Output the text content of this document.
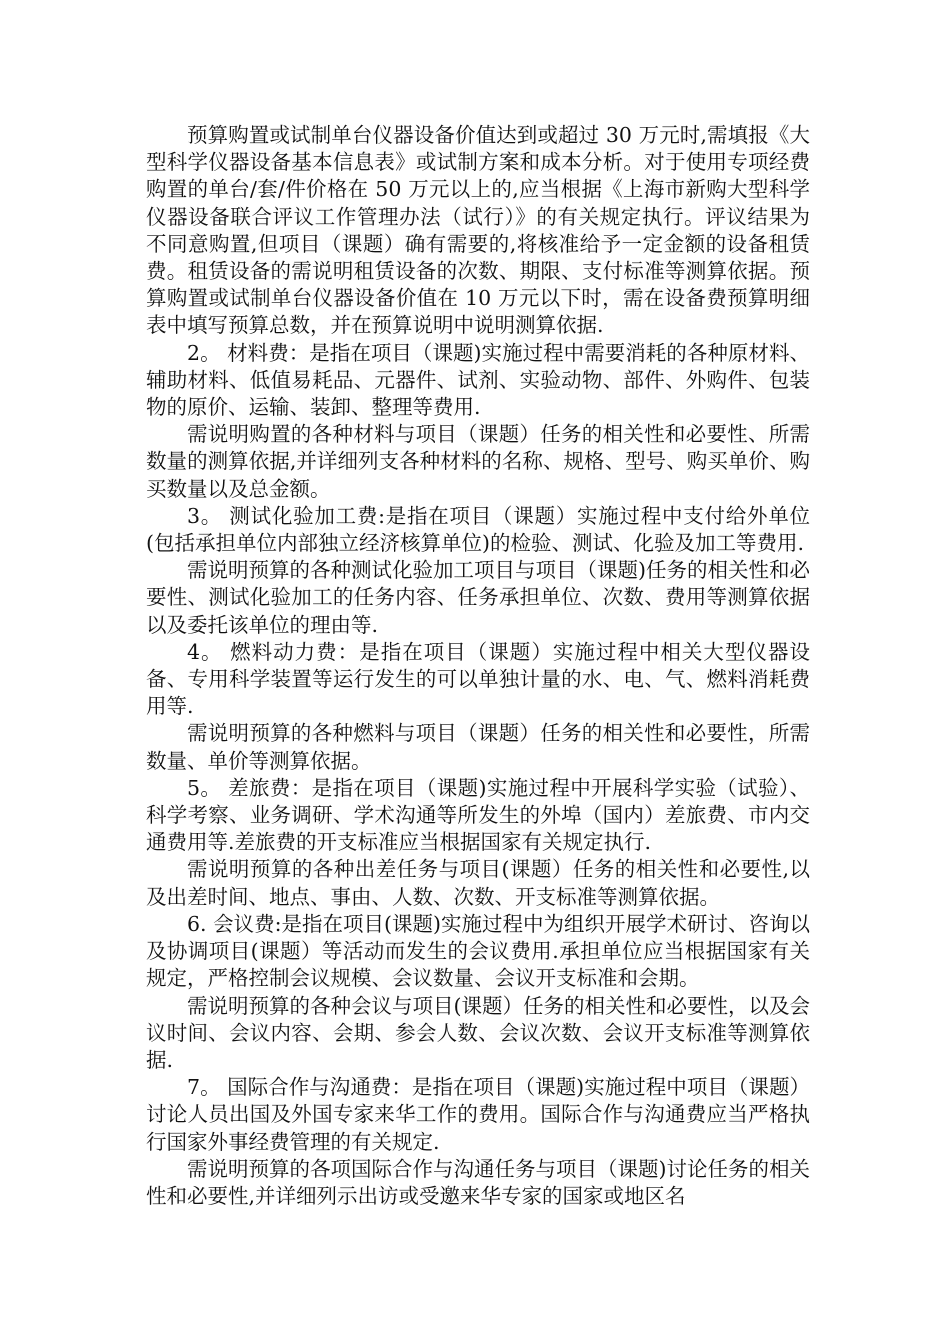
预算购置或试制单台仪器设备价值达到或超过 30 万元时,需填报《大型科学仪器设备基本信息表》或试制方案和成本分析。对于使用专项经费购置的单台/套/件价格在 50 万元以上的,应当根据《上海市新购大型科学仪器设备联合评议工作管理办法（试行）》的有关规定执行。评议结果为不同意购置,但项目（课题）确有需要的,将核准给予一定金额的设备租赁费。租赁设备的需说明租赁设备的次数、期限、支付标准等测算依据。预算购置或试制单台仪器设备价值在 10 万元以下时，需在设备费预算明细表中填写预算总数，并在预算说明中说明测算依据.

2。 材料费：是指在项目（课题)实施过程中需要消耗的各种原材料、辅助材料、低值易耗品、元器件、试剂、实验动物、部件、外购件、包装物的原价、运输、装卸、整理等费用.

需说明购置的各种材料与项目（课题）任务的相关性和必要性、所需数量的测算依据,并详细列支各种材料的名称、规格、型号、购买单价、购买数量以及总金额。

3。 测试化验加工费:是指在项目（课题）实施过程中支付给外单位(包括承担单位内部独立经济核算单位)的检验、测试、化验及加工等费用.

需说明预算的各种测试化验加工项目与项目（课题)任务的相关性和必要性、测试化验加工的任务内容、任务承担单位、次数、费用等测算依据以及委托该单位的理由等.

4。 燃料动力费：是指在项目（课题）实施过程中相关大型仪器设备、专用科学装置等运行发生的可以单独计量的水、电、气、燃料消耗费用等.

需说明预算的各种燃料与项目（课题）任务的相关性和必要性，所需数量、单价等测算依据。

5。 差旅费：是指在项目（课题)实施过程中开展科学实验（试验）、科学考察、业务调研、学术沟通等所发生的外埠（国内）差旅费、市内交通费用等.差旅费的开支标准应当根据国家有关规定执行.

需说明预算的各种出差任务与项目(课题）任务的相关性和必要性,以及出差时间、地点、事由、人数、次数、开支标准等测算依据。

6. 会议费:是指在项目(课题)实施过程中为组织开展学术研讨、咨询以及协调项目(课题）等活动而发生的会议费用.承担单位应当根据国家有关规定，严格控制会议规模、会议数量、会议开支标准和会期。

需说明预算的各种会议与项目(课题）任务的相关性和必要性，以及会议时间、会议内容、会期、参会人数、会议次数、会议开支标准等测算依据.

7。 国际合作与沟通费：是指在项目（课题)实施过程中项目（课题）讨论人员出国及外国专家来华工作的费用。国际合作与沟通费应当严格执行国家外事经费管理的有关规定.

需说明预算的各项国际合作与沟通任务与项目（课题)讨论任务的相关性和必要性,并详细列示出访或受邀来华专家的国家或地区名
